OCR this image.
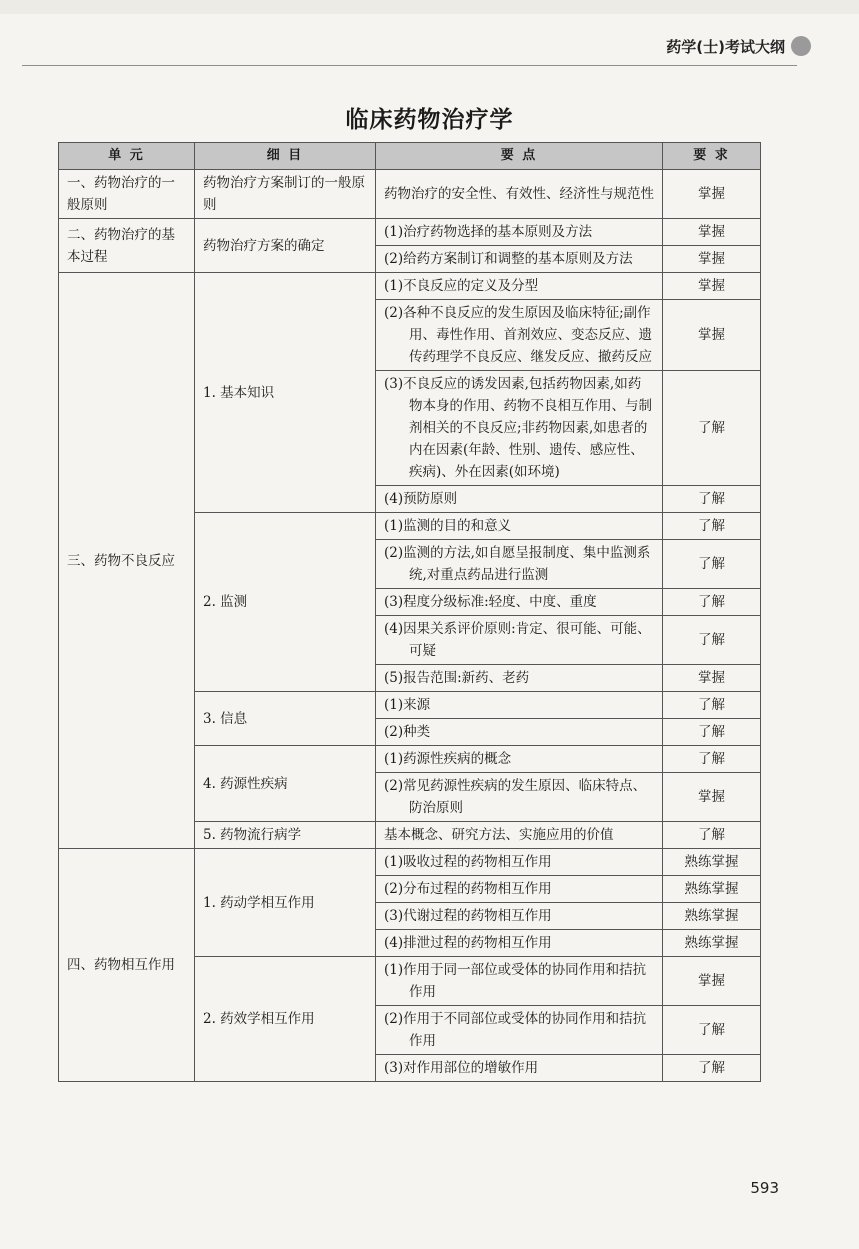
药学(士)考试大纲
临床药物治疗学
单 元	细 目	要 点	要 求
一、药物治疗的一般原则	药物治疗方案制订的一般原则	药物治疗的安全性、有效性、经济性与规范性	掌握
二、药物治疗的基本过程	药物治疗方案的确定	(1)治疗药物选择的基本原则及方法	掌握
		(2)给药方案制订和调整的基本原则及方法	掌握
三、药物不良反应	1. 基本知识	(1)不良反应的定义及分型	掌握

		(2)各种不良反应的发生原因及临床特征;副作用、毒性作用、首剂效应、变态反应、遗传药理学不良反应、继发反应、撤药反应	掌握

		(3)不良反应的诱发因素,包括药物因素,如药物本身的作用、药物不良相互作用、与制剂相关的不良反应;非药物因素,如患者的内在因素(年龄、性别、遗传、感应性、疾病)、外在因素(如环境)	了解
		(4)预防原则	了解
	2. 监测	(1)监测的目的和意义	了解

		(2)监测的方法,如自愿呈报制度、集中监测系统,对重点药品进行监测	了解
		(3)程度分级标准:轻度、中度、重度	了解

		(4)因果关系评价原则:肯定、很可能、可能、可疑	了解
		(5)报告范围:新药、老药	掌握
	3. 信息	(1)来源	了解
		(2)种类	了解
	4. 药源性疾病	(1)药源性疾病的概念	了解

		(2)常见药源性疾病的发生原因、临床特点、防治原则	掌握
	5. 药物流行病学	基本概念、研究方法、实施应用的价值	了解
四、药物相互作用	1. 药动学相互作用	(1)吸收过程的药物相互作用	熟练掌握
		(2)分布过程的药物相互作用	熟练掌握
		(3)代谢过程的药物相互作用	熟练掌握
		(4)排泄过程的药物相互作用	熟练掌握
	2. 药效学相互作用	(1)作用于同一部位或受体的协同作用和拮抗作用	掌握

		(2)作用于不同部位或受体的协同作用和拮抗作用	了解
		(3)对作用部位的增敏作用	了解
593
